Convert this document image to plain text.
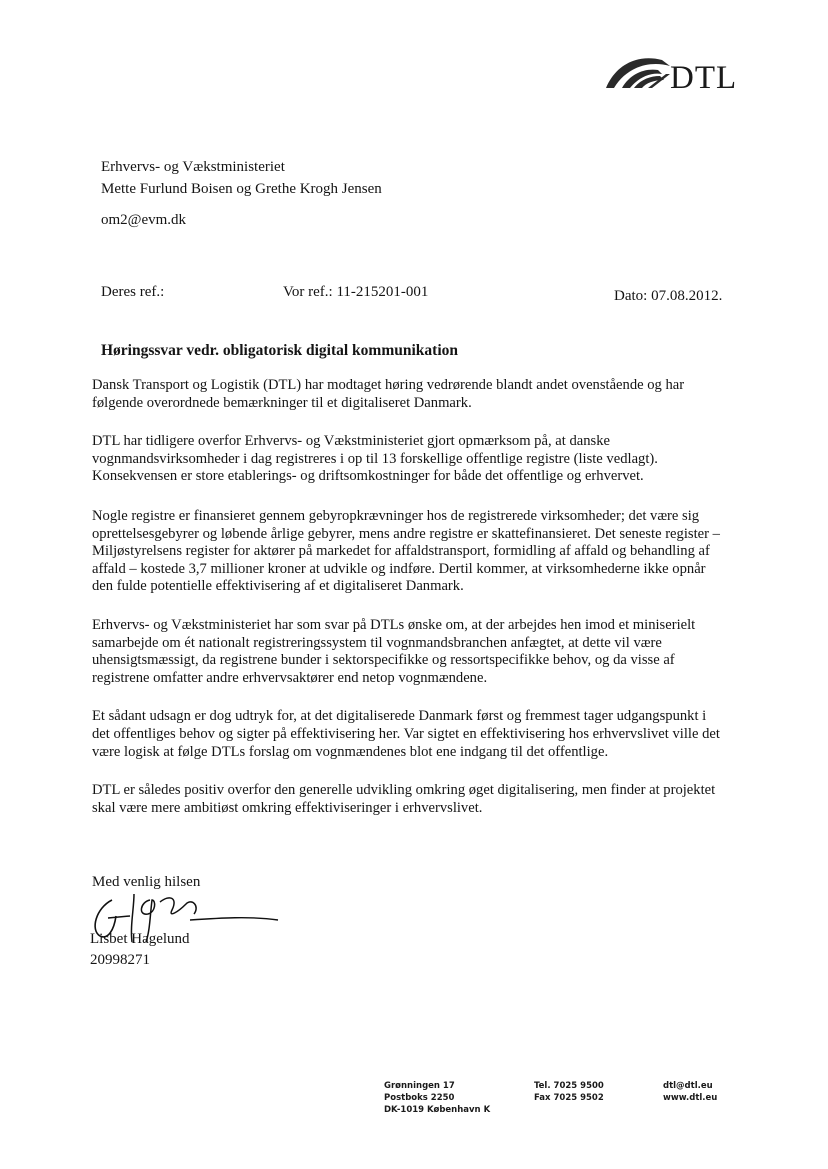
DTL
Erhvervs- og Vækstministeriet
Mette Furlund Boisen og Grethe Krogh Jensen
om2@evm.dk
Deres ref.:	Vor ref.: 11-215201-001	Dato: 07.08.2012.
Høringssvar vedr. obligatorisk digital kommunikation

Dansk Transport og Logistik (DTL) har modtaget høring vedrørende blandt andet ovenstående og har følgende overordnede bemærkninger til et digitaliseret Danmark.

DTL har tidligere overfor Erhvervs- og Vækstministeriet gjort opmærksom på, at danske vognmandsvirksomheder i dag registreres i op til 13 forskellige offentlige registre (liste vedlagt). Konsekvensen er store etablerings- og driftsomkostninger for både det offentlige og erhvervet.

Nogle registre er finansieret gennem gebyropkrævninger hos de registrerede virksomheder; det være sig oprettelsesgebyrer og løbende årlige gebyrer, mens andre registre er skattefinansieret. Det seneste register – Miljøstyrelsens register for aktører på markedet for affaldstransport, formidling af affald og behandling af affald – kostede 3,7 millioner kroner at udvikle og indføre. Dertil kommer, at virksomhederne ikke opnår den fulde potentielle effektivisering af et digitaliseret Danmark.

Erhvervs- og Vækstministeriet har som svar på DTLs ønske om, at der arbejdes hen imod et miniserielt samarbejde om ét nationalt registreringssystem til vognmandsbranchen anfægtet, at dette vil være uhensigtsmæssigt, da registrene bunder i sektorspecifikke og ressortspecifikke behov, og da visse af registrene omfatter andre erhvervsaktører end netop vognmændene.

Et sådant udsagn er dog udtryk for, at det digitaliserede Danmark først og fremmest tager udgangspunkt i det offentliges behov og sigter på effektivisering her. Var sigtet en effektivisering hos erhvervslivet ville det være logisk at følge DTLs forslag om vognmændenes blot ene indgang til det offentlige.

DTL er således positiv overfor den generelle udvikling omkring øget digitalisering, men finder at projektet skal være mere ambitiøst omkring effektiviseringer i erhvervslivet.

Med venlig hilsen
Lisbet Hagelund
20998271
Grønningen 17
Postboks 2250
DK-1019 København K
Tel. 7025 9500
Fax 7025 9502
dtl@dtl.eu
www.dtl.eu
